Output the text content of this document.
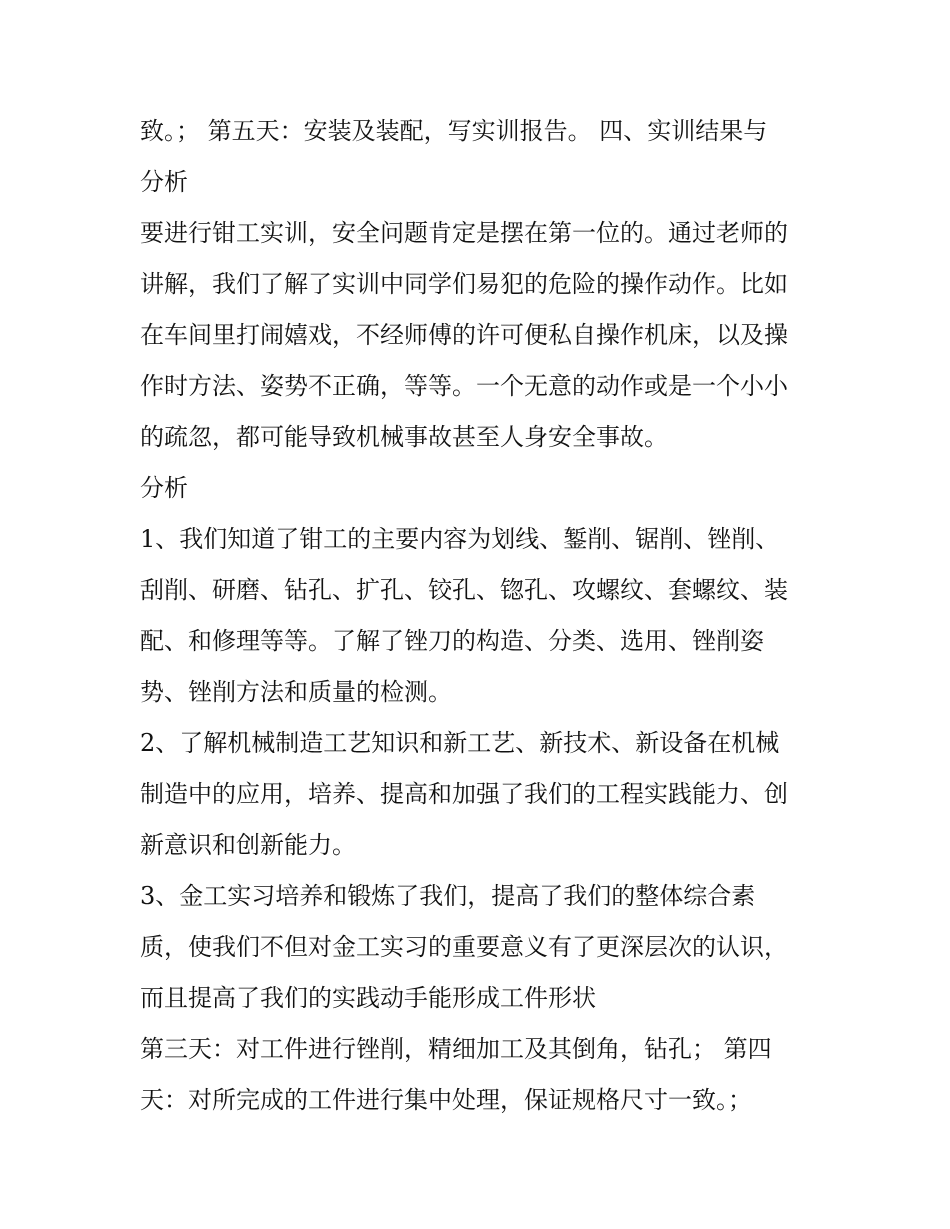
致。； 第五天：安装及装配，写实训报告。 四、实训结果与
分析
要进行钳工实训，安全问题肯定是摆在第一位的。通过老师的
讲解，我们了解了实训中同学们易犯的危险的操作动作。比如
在车间里打闹嬉戏，不经师傅的许可便私自操作机床，以及操
作时方法、姿势不正确，等等。一个无意的动作或是一个小小
的疏忽，都可能导致机械事故甚至人身安全事故。
分析
1、我们知道了钳工的主要内容为划线、錾削、锯削、锉削、
刮削、研磨、钻孔、扩孔、铰孔、锪孔、攻螺纹、套螺纹、装
配、和修理等等。了解了锉刀的构造、分类、选用、锉削姿
势、锉削方法和质量的检测。
2、了解机械制造工艺知识和新工艺、新技术、新设备在机械
制造中的应用，培养、提高和加强了我们的工程实践能力、创
新意识和创新能力。
3、金工实习培养和锻炼了我们，提高了我们的整体综合素
质，使我们不但对金工实习的重要意义有了更深层次的认识，
而且提高了我们的实践动手能形成工件形状
第三天：对工件进行锉削，精细加工及其倒角，钻孔； 第四
天：对所完成的工件进行集中处理，保证规格尺寸一致。；
